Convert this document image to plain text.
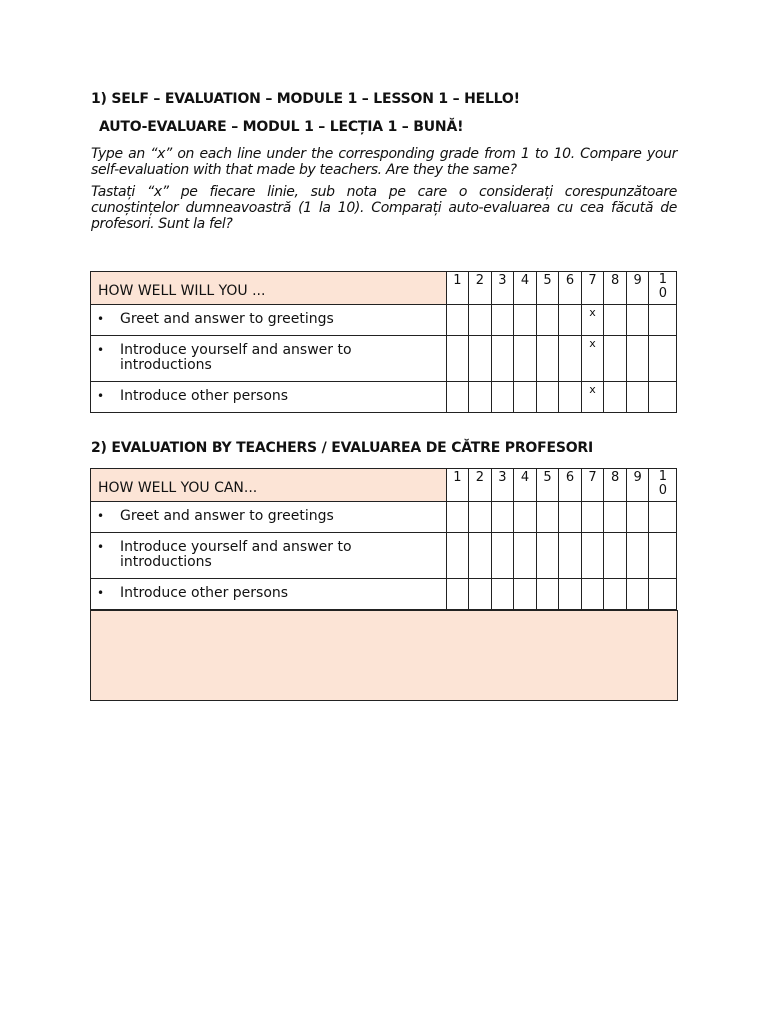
1) SELF – EVALUATION – MODULE 1 – LESSON 1 – HELLO!
AUTO-EVALUARE – MODUL 1 – LECȚIA 1 – BUNĂ!

Type an “x” on each line under the corresponding grade from 1 to 10. Compare your self-evaluation with that made by teachers. Are they the same?

Tastați “x” pe fiecare linie, sub nota pe care o considerați corespunzătoare cunoștințelor dumneavoastră (1 la 10). Comparați auto-evaluarea cu cea făcută de profesori. Sunt la fel?

HOW WELL WILL YOU ...	1	2	3	4	5	6	7	8	9	10

• Greet and answer to greetings							x			

• Introduce yourself and answer to introductions							x			

• Introduce other persons							x			
2) EVALUATION BY TEACHERS / EVALUAREA DE CĂTRE PROFESORI
HOW WELL YOU CAN...	1	2	3	4	5	6	7	8	9	10

• Greet and answer to greetings										

• Introduce yourself and answer to introductions										

• Introduce other persons										
